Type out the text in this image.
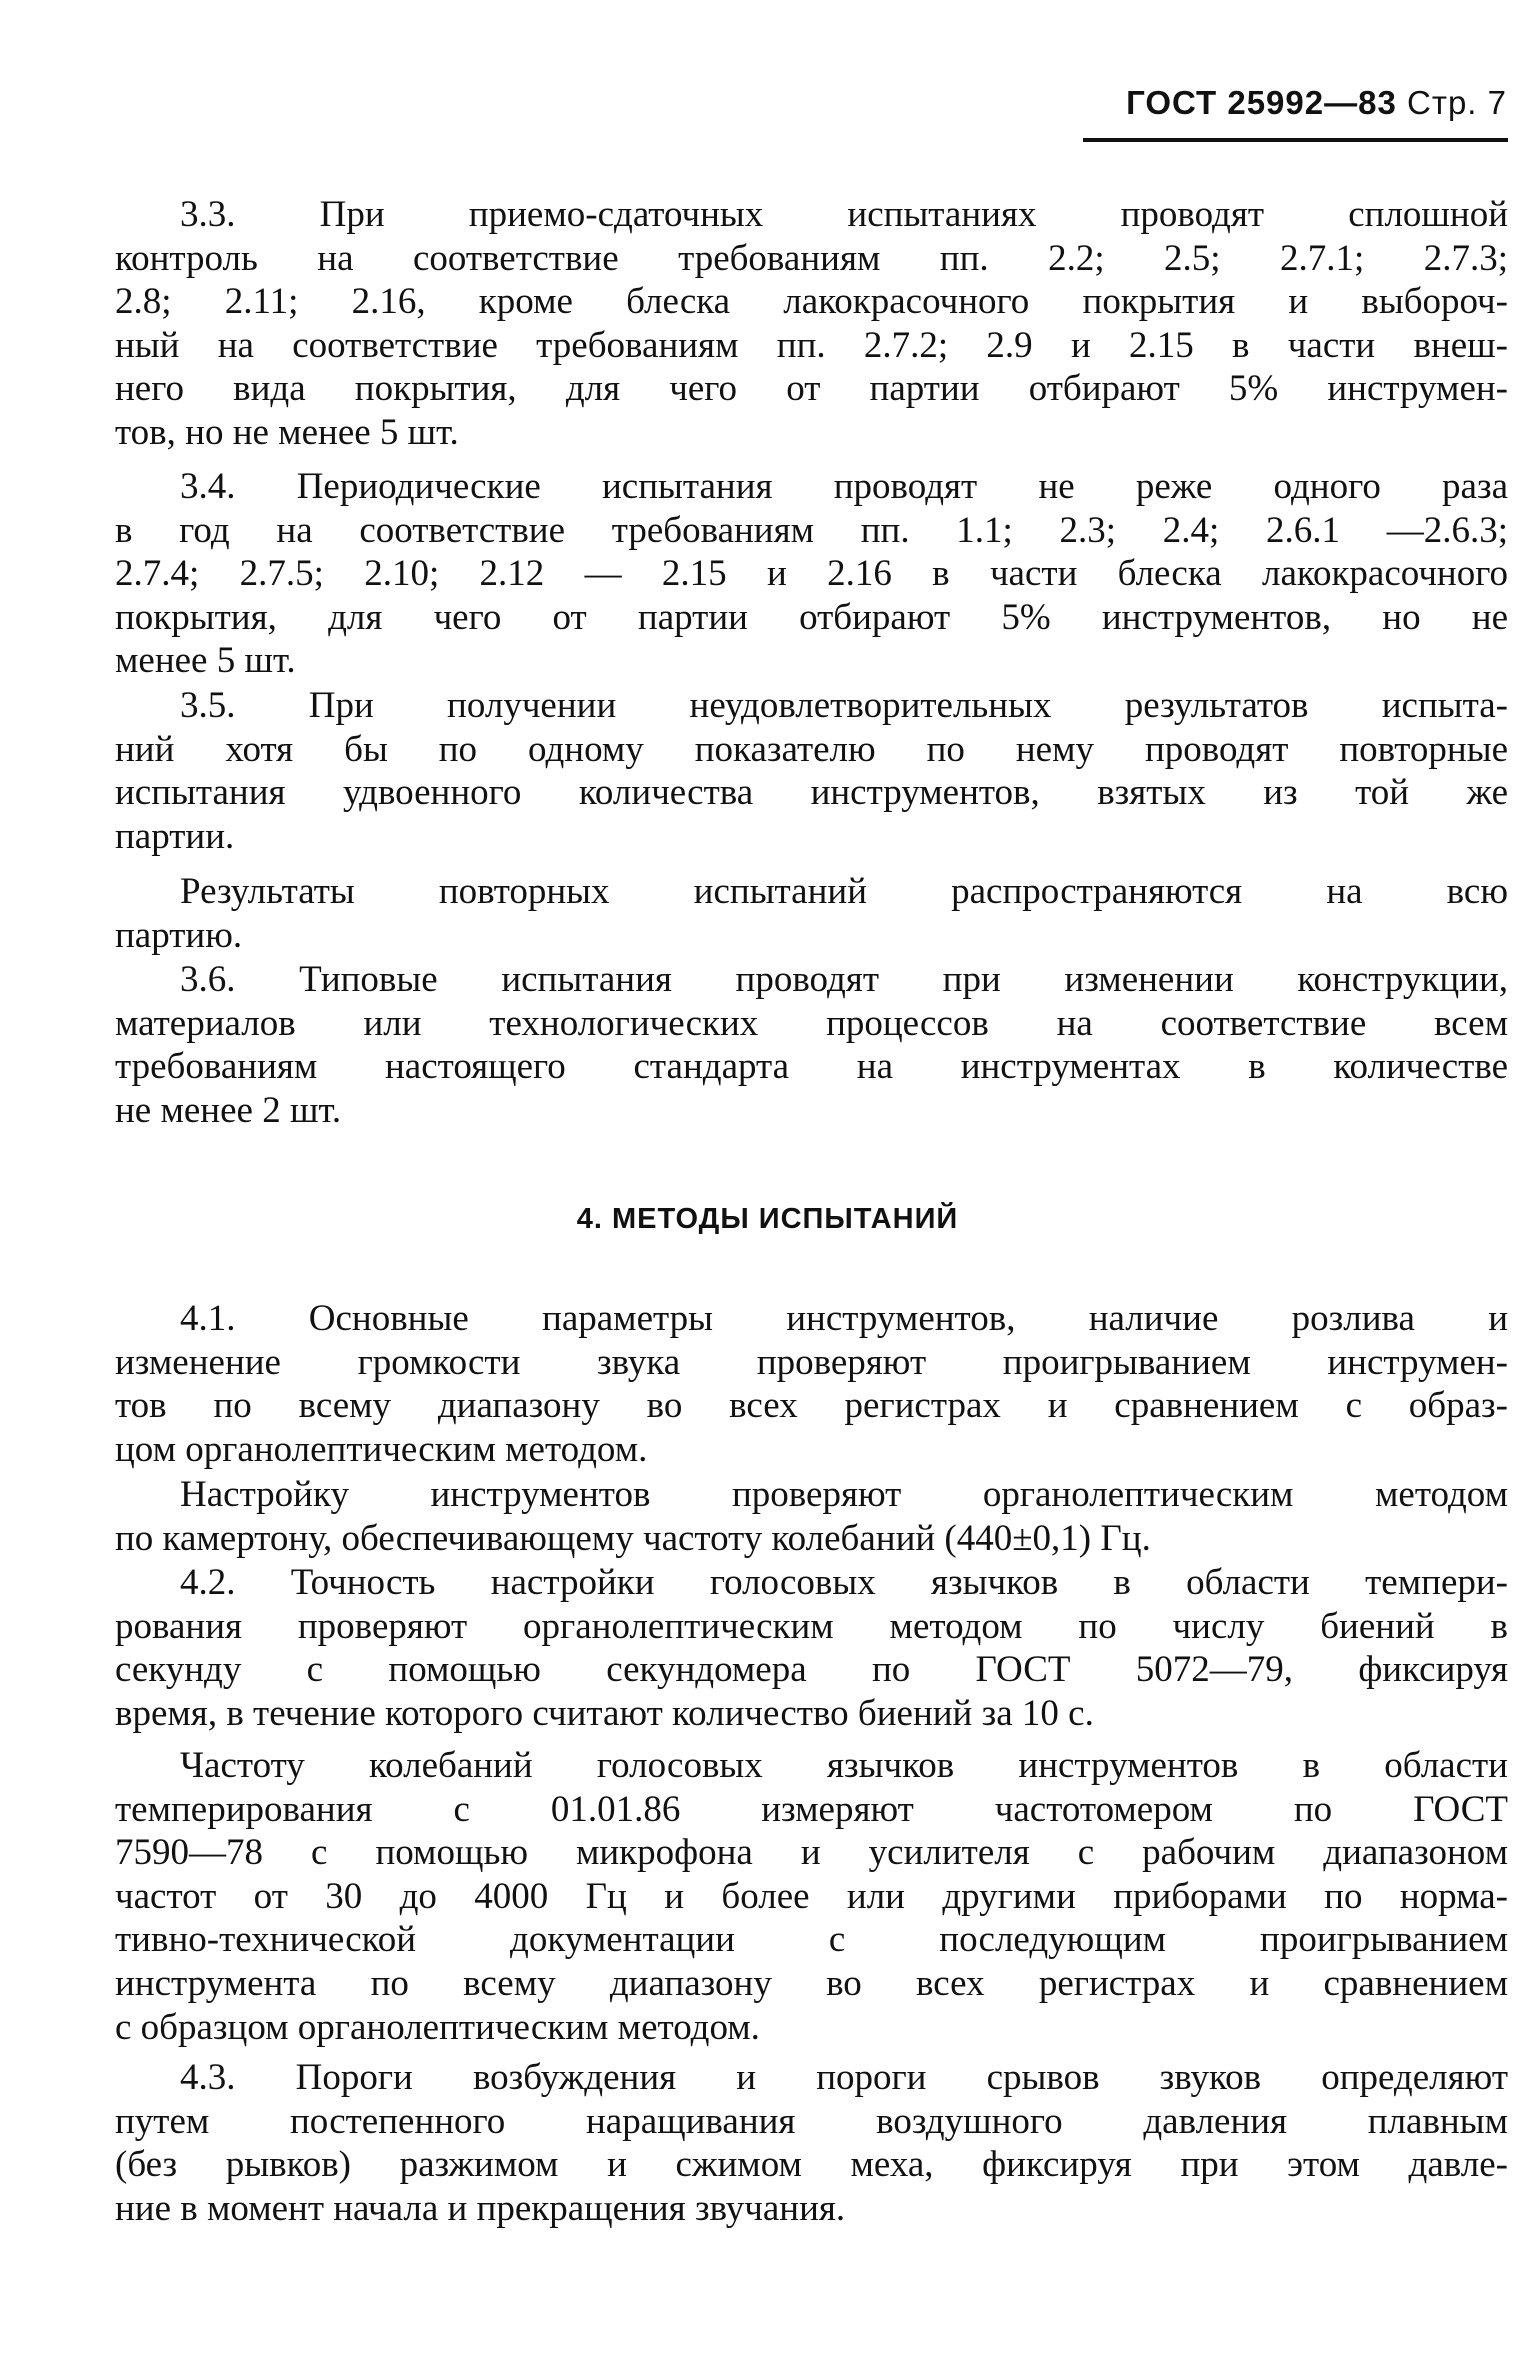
ГОСТ 25992—83 Стр. 7
3.3. При приемо-сдаточных испытаниях проводят сплошной
контроль на соответствие требованиям пп. 2.2; 2.5; 2.7.1; 2.7.3;
2.8; 2.11; 2.16, кроме блеска лакокрасочного покрытия и выбороч-
ный на соответствие требованиям пп. 2.7.2; 2.9 и 2.15 в части внеш-
него вида покрытия, для чего от партии отбирают 5% инструмен-
тов, но не менее 5 шт.
3.4. Периодические испытания проводят не реже одного раза
в год на соответствие требованиям пп. 1.1; 2.3; 2.4; 2.6.1 —2.6.3;
2.7.4; 2.7.5; 2.10; 2.12 — 2.15 и 2.16 в части блеска лакокрасочного
покрытия, для чего от партии отбирают 5% инструментов, но не
менее 5 шт.
3.5. При получении неудовлетворительных результатов испыта-
ний хотя бы по одному показателю по нему проводят повторные
испытания удвоенного количества инструментов, взятых из той же
партии.
Результаты повторных испытаний распространяются на всю
партию.
3.6. Типовые испытания проводят при изменении конструкции,
материалов или технологических процессов на соответствие всем
требованиям настоящего стандарта на инструментах в количестве
не менее 2 шт.
4. МЕТОДЫ ИСПЫТАНИЙ
4.1. Основные параметры инструментов, наличие розлива и
изменение громкости звука проверяют проигрыванием инструмен-
тов по всему диапазону во всех регистрах и сравнением с образ-
цом органолептическим методом.
Настройку инструментов проверяют органолептическим методом
по камертону, обеспечивающему частоту колебаний (440±0,1) Гц.
4.2. Точность настройки голосовых язычков в области темпери-
рования проверяют органолептическим методом по числу биений в
секунду с помощью секундомера по ГОСТ 5072—79, фиксируя
время, в течение которого считают количество биений за 10 с.
Частоту колебаний голосовых язычков инструментов в области
темперирования с 01.01.86 измеряют частотомером по ГОСТ
7590—78 с помощью микрофона и усилителя с рабочим диапазоном
частот от 30 до 4000 Гц и более или другими приборами по норма-
тивно-технической документации с последующим проигрыванием
инструмента по всему диапазону во всех регистрах и сравнением
с образцом органолептическим методом.
4.3. Пороги возбуждения и пороги срывов звуков определяют
путем постепенного наращивания воздушного давления плавным
(без рывков) разжимом и сжимом меха, фиксируя при этом давле-
ние в момент начала и прекращения звучания.
